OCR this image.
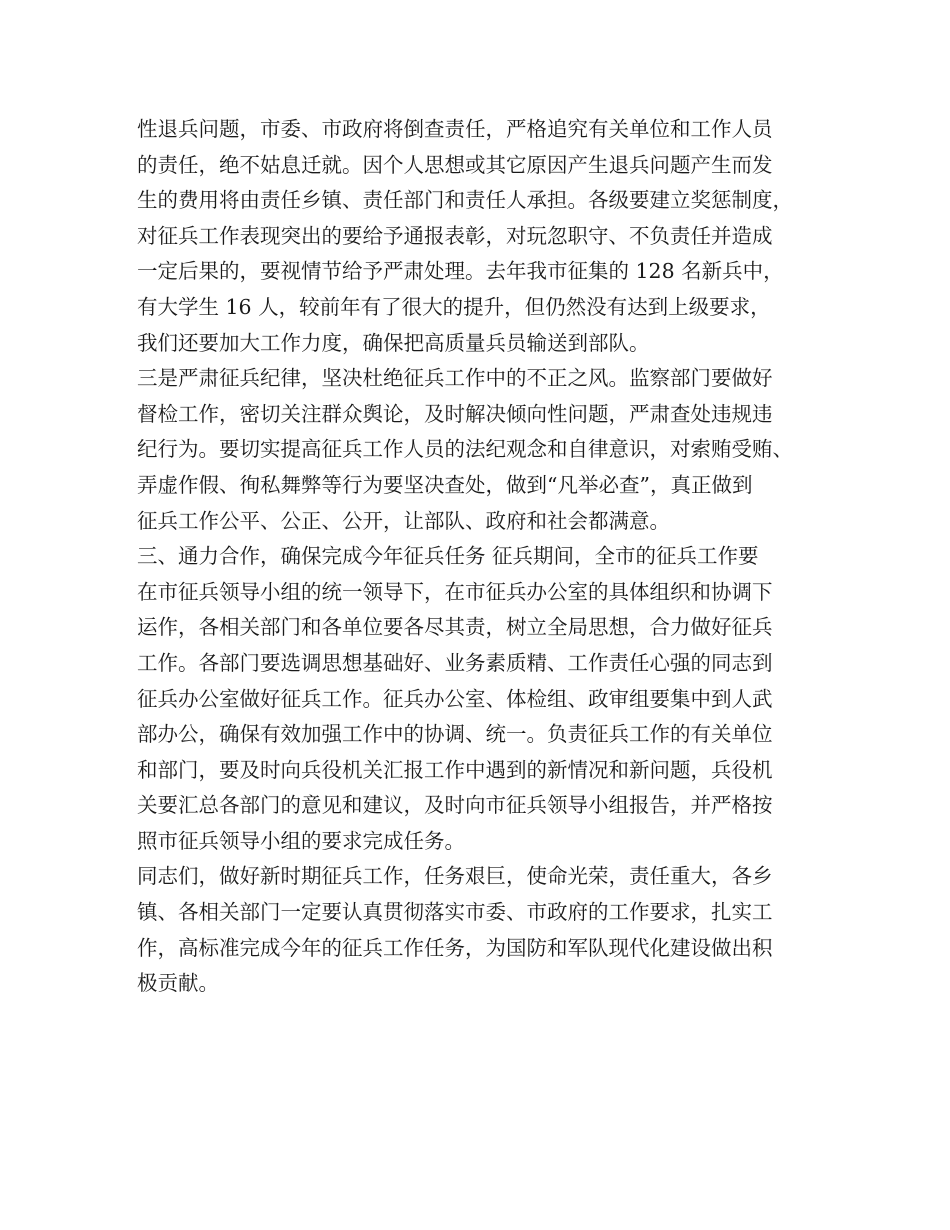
性退兵问题，市委、市政府将倒查责任，严格追究有关单位和工作人员
的责任，绝不姑息迁就。因个人思想或其它原因产生退兵问题产生而发
生的费用将由责任乡镇、责任部门和责任人承担。各级要建立奖惩制度，
对征兵工作表现突出的要给予通报表彰，对玩忽职守、不负责任并造成
一定后果的，要视情节给予严肃处理。去年我市征集的 128 名新兵中，
有大学生 16 人，较前年有了很大的提升，但仍然没有达到上级要求，
我们还要加大工作力度，确保把高质量兵员输送到部队。
三是严肃征兵纪律，坚决杜绝征兵工作中的不正之风。监察部门要做好
督检工作，密切关注群众舆论，及时解决倾向性问题，严肃查处违规违
纪行为。要切实提高征兵工作人员的法纪观念和自律意识，对索贿受贿、
弄虚作假、徇私舞弊等行为要坚决查处，做到“凡举必查”，真正做到
征兵工作公平、公正、公开，让部队、政府和社会都满意。
三、通力合作，确保完成今年征兵任务 征兵期间，全市的征兵工作要
在市征兵领导小组的统一领导下，在市征兵办公室的具体组织和协调下
运作，各相关部门和各单位要各尽其责，树立全局思想，合力做好征兵
工作。各部门要选调思想基础好、业务素质精、工作责任心强的同志到
征兵办公室做好征兵工作。征兵办公室、体检组、政审组要集中到人武
部办公，确保有效加强工作中的协调、统一。负责征兵工作的有关单位
和部门，要及时向兵役机关汇报工作中遇到的新情况和新问题，兵役机
关要汇总各部门的意见和建议，及时向市征兵领导小组报告，并严格按
照市征兵领导小组的要求完成任务。
同志们，做好新时期征兵工作，任务艰巨，使命光荣，责任重大，各乡
镇、各相关部门一定要认真贯彻落实市委、市政府的工作要求，扎实工
作，高标准完成今年的征兵工作任务，为国防和军队现代化建设做出积
极贡献。
